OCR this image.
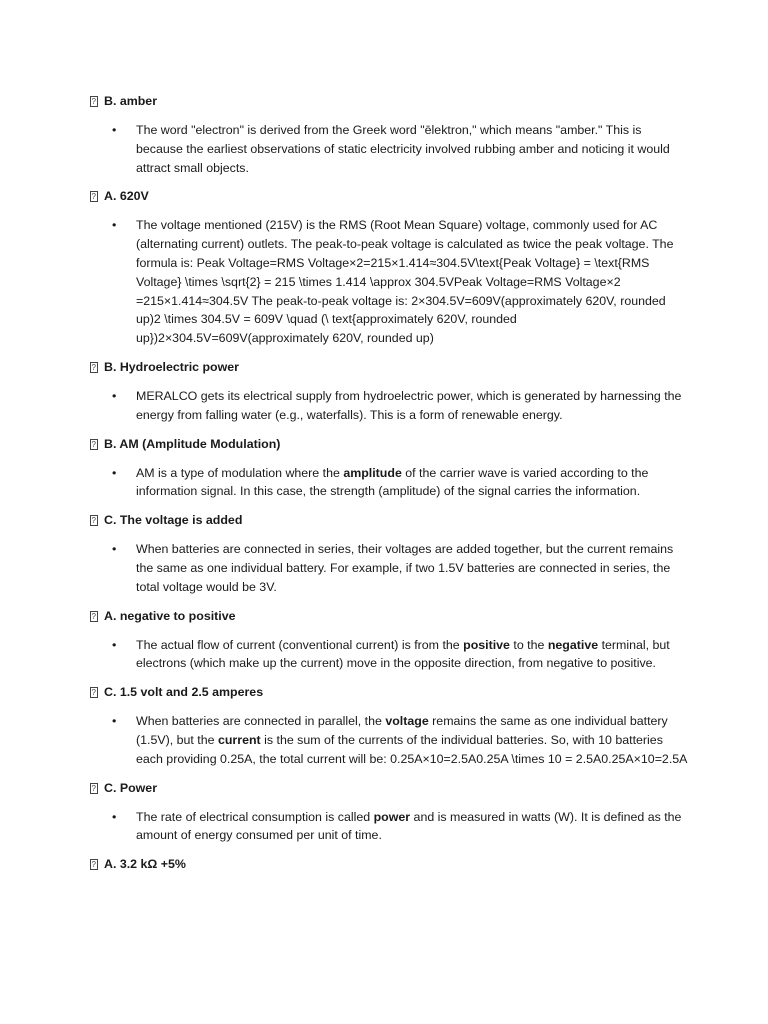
?
B. amber
• The word "electron" is derived from the Greek word "ēlektron," which means "amber." This is because the earliest observations of static electricity involved rubbing amber and noticing it would attract small objects.
?
A. 620V
• The voltage mentioned (215V) is the RMS (Root Mean Square) voltage, commonly used for AC (alternating current) outlets. The peak-to-peak voltage is calculated as twice the peak voltage. The formula is: Peak Voltage=RMS Voltage×2=215×1.414≈304.5V\text{Peak Voltage} = \text{RMS Voltage} \times \sqrt{2} = 215 \times 1.414 \approx 304.5VPeak Voltage=RMS Voltage×2 =215×1.414≈304.5V The peak-to-peak voltage is: 2×304.5V=609V(approximately 620V, rounded up)2 \times 304.5V = 609V \quad (\ text{approximately 620V, rounded up})2×304.5V=609V(approximately 620V, rounded up)
?
B. Hydroelectric power
• MERALCO gets its electrical supply from hydroelectric power, which is generated by harnessing the energy from falling water (e.g., waterfalls). This is a form of renewable energy.
?
B. AM (Amplitude Modulation)
• AM is a type of modulation where the amplitude of the carrier wave is varied according to the information signal. In this case, the strength (amplitude) of the signal carries the information.
?
C. The voltage is added
• When batteries are connected in series, their voltages are added together, but the current remains the same as one individual battery. For example, if two 1.5V batteries are connected in series, the total voltage would be 3V.
?
A. negative to positive
• The actual flow of current (conventional current) is from the positive to the negative terminal, but electrons (which make up the current) move in the opposite direction, from negative to positive.
?
C. 1.5 volt and 2.5 amperes
• When batteries are connected in parallel, the voltage remains the same as one individual battery (1.5V), but the current is the sum of the currents of the individual batteries. So, with 10 batteries each providing 0.25A, the total current will be: 0.25A×10=2.5A0.25A \times 10 = 2.5A0.25A×10=2.5A
?
C. Power
• The rate of electrical consumption is called power and is measured in watts (W). It is defined as the amount of energy consumed per unit of time.
?
A. 3.2 kΩ +5%
